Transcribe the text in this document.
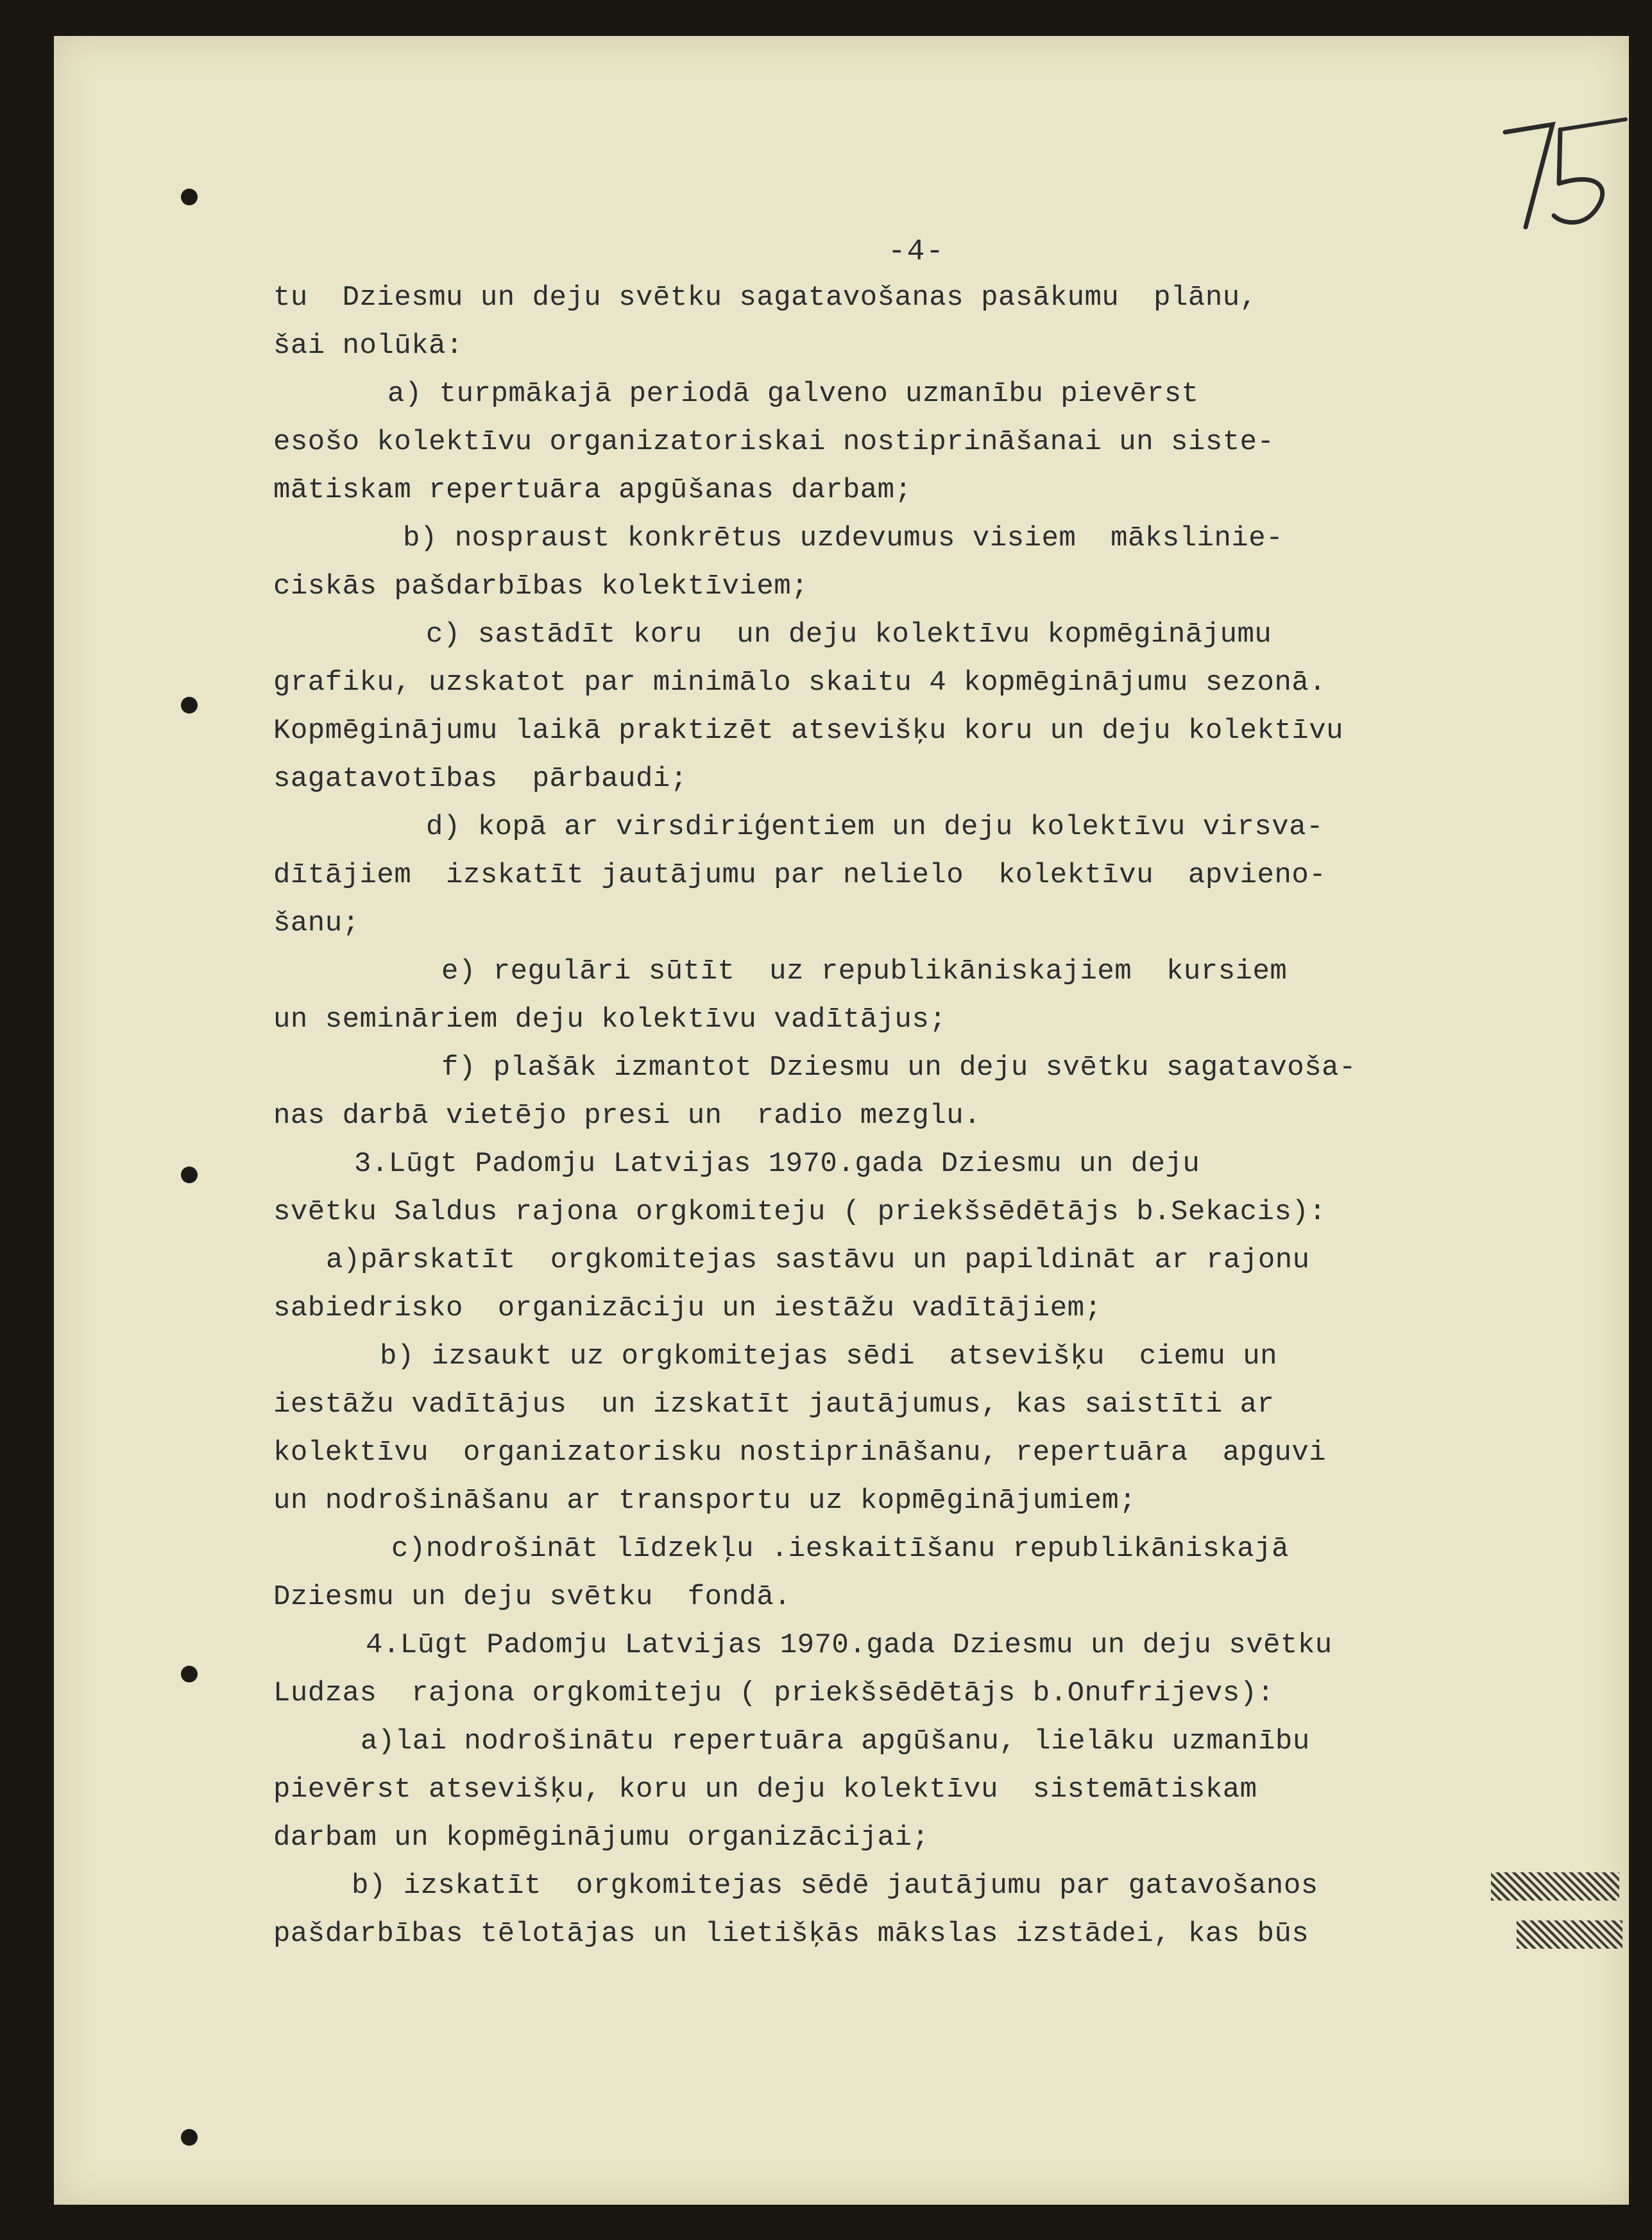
-4-
tu  Dziesmu un deju svētku sagatavošanas pasākumu  plānu,
šai nolūkā:
a) turpmākajā periodā galveno uzmanību pievērst
esošo kolektīvu organizatoriskai nostiprināšanai un siste-
mātiskam repertuāra apgūšanas darbam;
b) nospraust konkrētus uzdevumus visiem  mākslinie-
ciskās pašdarbības kolektīviem;
c) sastādīt koru  un deju kolektīvu kopmēginājumu
grafiku, uzskatot par minimālo skaitu 4 kopmēginājumu sezonā.
Kopmēginājumu laikā praktizēt atsevišķu koru un deju kolektīvu
sagatavotības  pārbaudi;
d) kopā ar virsdiriģentiem un deju kolektīvu virsva-
dītājiem  izskatīt jautājumu par nelielo  kolektīvu  apvieno-
šanu;
e) regulāri sūtīt  uz republikāniskajiem  kursiem
un semināriem deju kolektīvu vadītājus;
f) plašāk izmantot Dziesmu un deju svētku sagatavoša-
nas darbā vietējo presi un  radio mezglu.
3.Lūgt Padomju Latvijas 1970.gada Dziesmu un deju
svētku Saldus rajona orgkomiteju ( priekšsēdētājs b.Sekacis):
a)pārskatīt  orgkomitejas sastāvu un papildināt ar rajonu
sabiedrisko  organizāciju un iestāžu vadītājiem;
b) izsaukt uz orgkomitejas sēdi  atsevišķu  ciemu un
iestāžu vadītājus  un izskatīt jautājumus, kas saistīti ar
kolektīvu  organizatorisku nostiprināšanu, repertuāra  apguvi
un nodrošināšanu ar transportu uz kopmēginājumiem;
c)nodrošināt līdzekļu .ieskaitīšanu republikāniskajā
Dziesmu un deju svētku  fondā.
4.Lūgt Padomju Latvijas 1970.gada Dziesmu un deju svētku
Ludzas  rajona orgkomiteju ( priekšsēdētājs b.Onufrijevs):
a)lai nodrošinātu repertuāra apgūšanu, lielāku uzmanību
pievērst atsevišķu, koru un deju kolektīvu  sistemātiskam
darbam un kopmēginājumu organizācijai;
b) izskatīt  orgkomitejas sēdē jautājumu par gatavošanos
pašdarbības tēlotājas un lietišķās mākslas izstādei, kas būs
